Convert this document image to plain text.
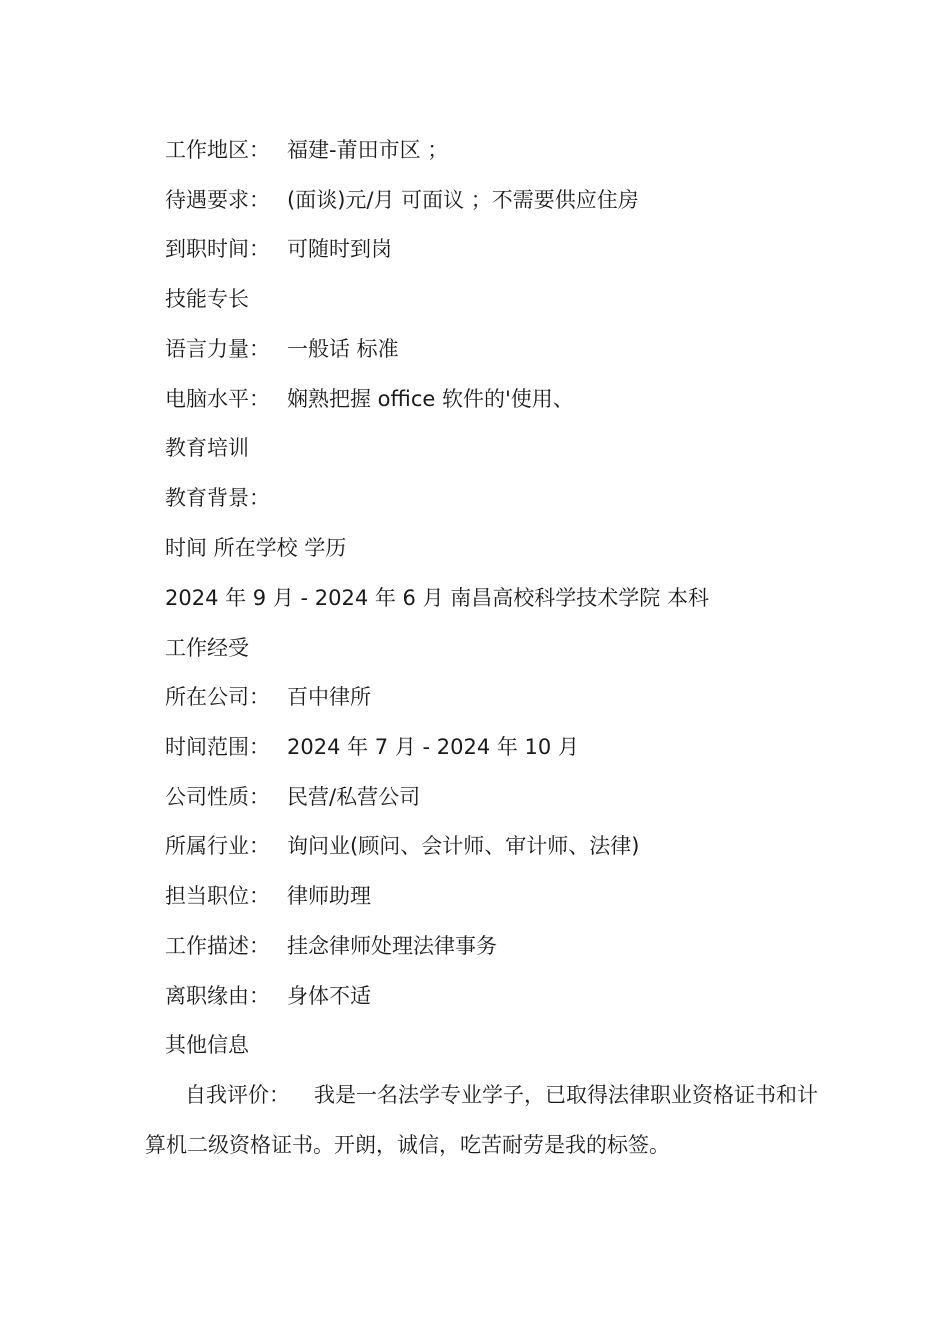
工作地区： 福建-莆田市区 ；
待遇要求： (面谈)元/月 可面议 ；不需要供应住房
到职时间： 可随时到岗
技能专长
语言力量： 一般话 标准
电脑水平： 娴熟把握 office 软件的'使用、
教育培训
教育背景：
时间 所在学校 学历
2024 年 9 月 - 2024 年 6 月 南昌高校科学技术学院 本科
工作经受
所在公司： 百中律所
时间范围： 2024 年 7 月 - 2024 年 10 月
公司性质： 民营/私营公司
所属行业： 询问业(顾问、会计师、审计师、法律)
担当职位： 律师助理
工作描述： 挂念律师处理法律事务
离职缘由： 身体不适
其他信息
自我评价： 我是一名法学专业学子，已取得法律职业资格证书和计算机二级资格证书。开朗，诚信，吃苦耐劳是我的标签。
